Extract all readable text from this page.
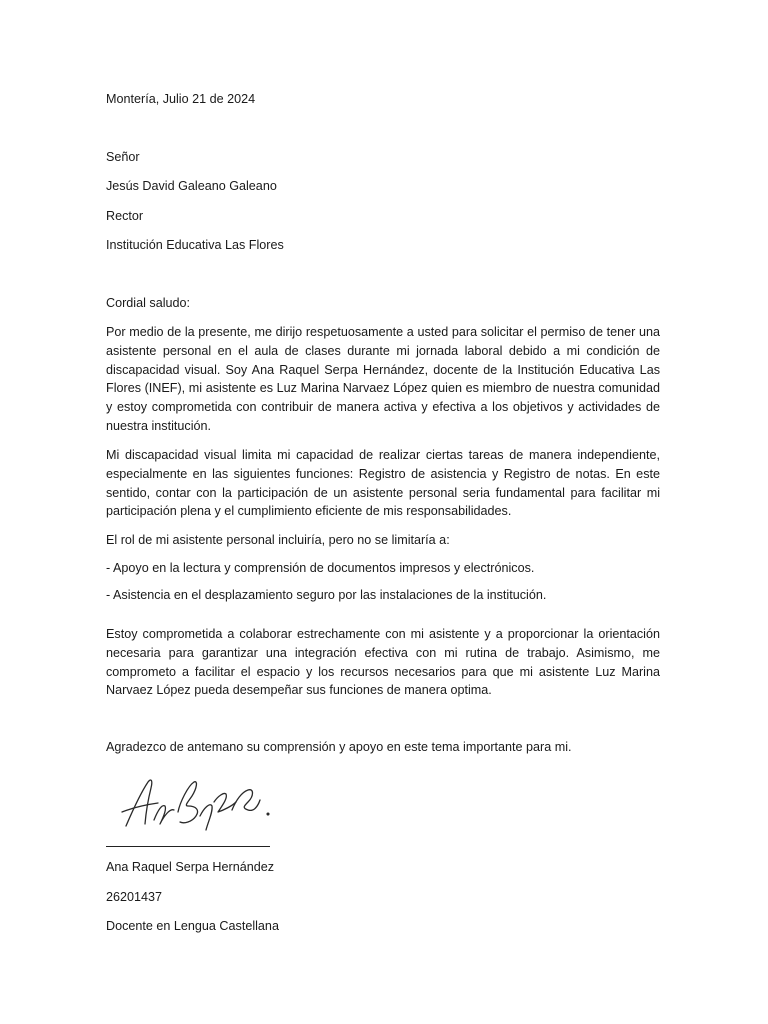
Montería, Julio 21 de 2024

Señor

Jesús David Galeano Galeano

Rector

Institución Educativa Las Flores

Cordial saludo:

Por medio de la presente, me dirijo respetuosamente a usted para solicitar el permiso de tener una asistente personal en el aula de clases durante mi jornada laboral debido a mi condición de discapacidad visual. Soy Ana Raquel Serpa Hernández, docente de la Institución Educativa Las Flores (INEF), mi asistente es Luz Marina Narvaez López quien es miembro de nuestra comunidad y estoy comprometida con contribuir de manera activa y efectiva a los objetivos y actividades de nuestra institución.

Mi discapacidad visual limita mi capacidad de realizar ciertas tareas de manera independiente, especialmente en las siguientes funciones: Registro de asistencia y Registro de notas. En este sentido, contar con la participación de un asistente personal seria fundamental para facilitar mi participación plena y el cumplimiento eficiente de mis responsabilidades.

El rol de mi asistente personal incluiría, pero no se limitaría a:

- Apoyo en la lectura y comprensión de documentos impresos y electrónicos.

- Asistencia en el desplazamiento seguro por las instalaciones de la institución.

Estoy comprometida a colaborar estrechamente con mi asistente y a proporcionar la orientación necesaria para garantizar una integración efectiva con mi rutina de trabajo. Asimismo, me comprometo a facilitar el espacio y los recursos necesarios para que mi asistente Luz Marina Narvaez López pueda desempeñar sus funciones de manera optima.

Agradezco de antemano su comprensión y apoyo en este tema importante para mi.

Ana Raquel Serpa Hernández

26201437

Docente en Lengua Castellana
